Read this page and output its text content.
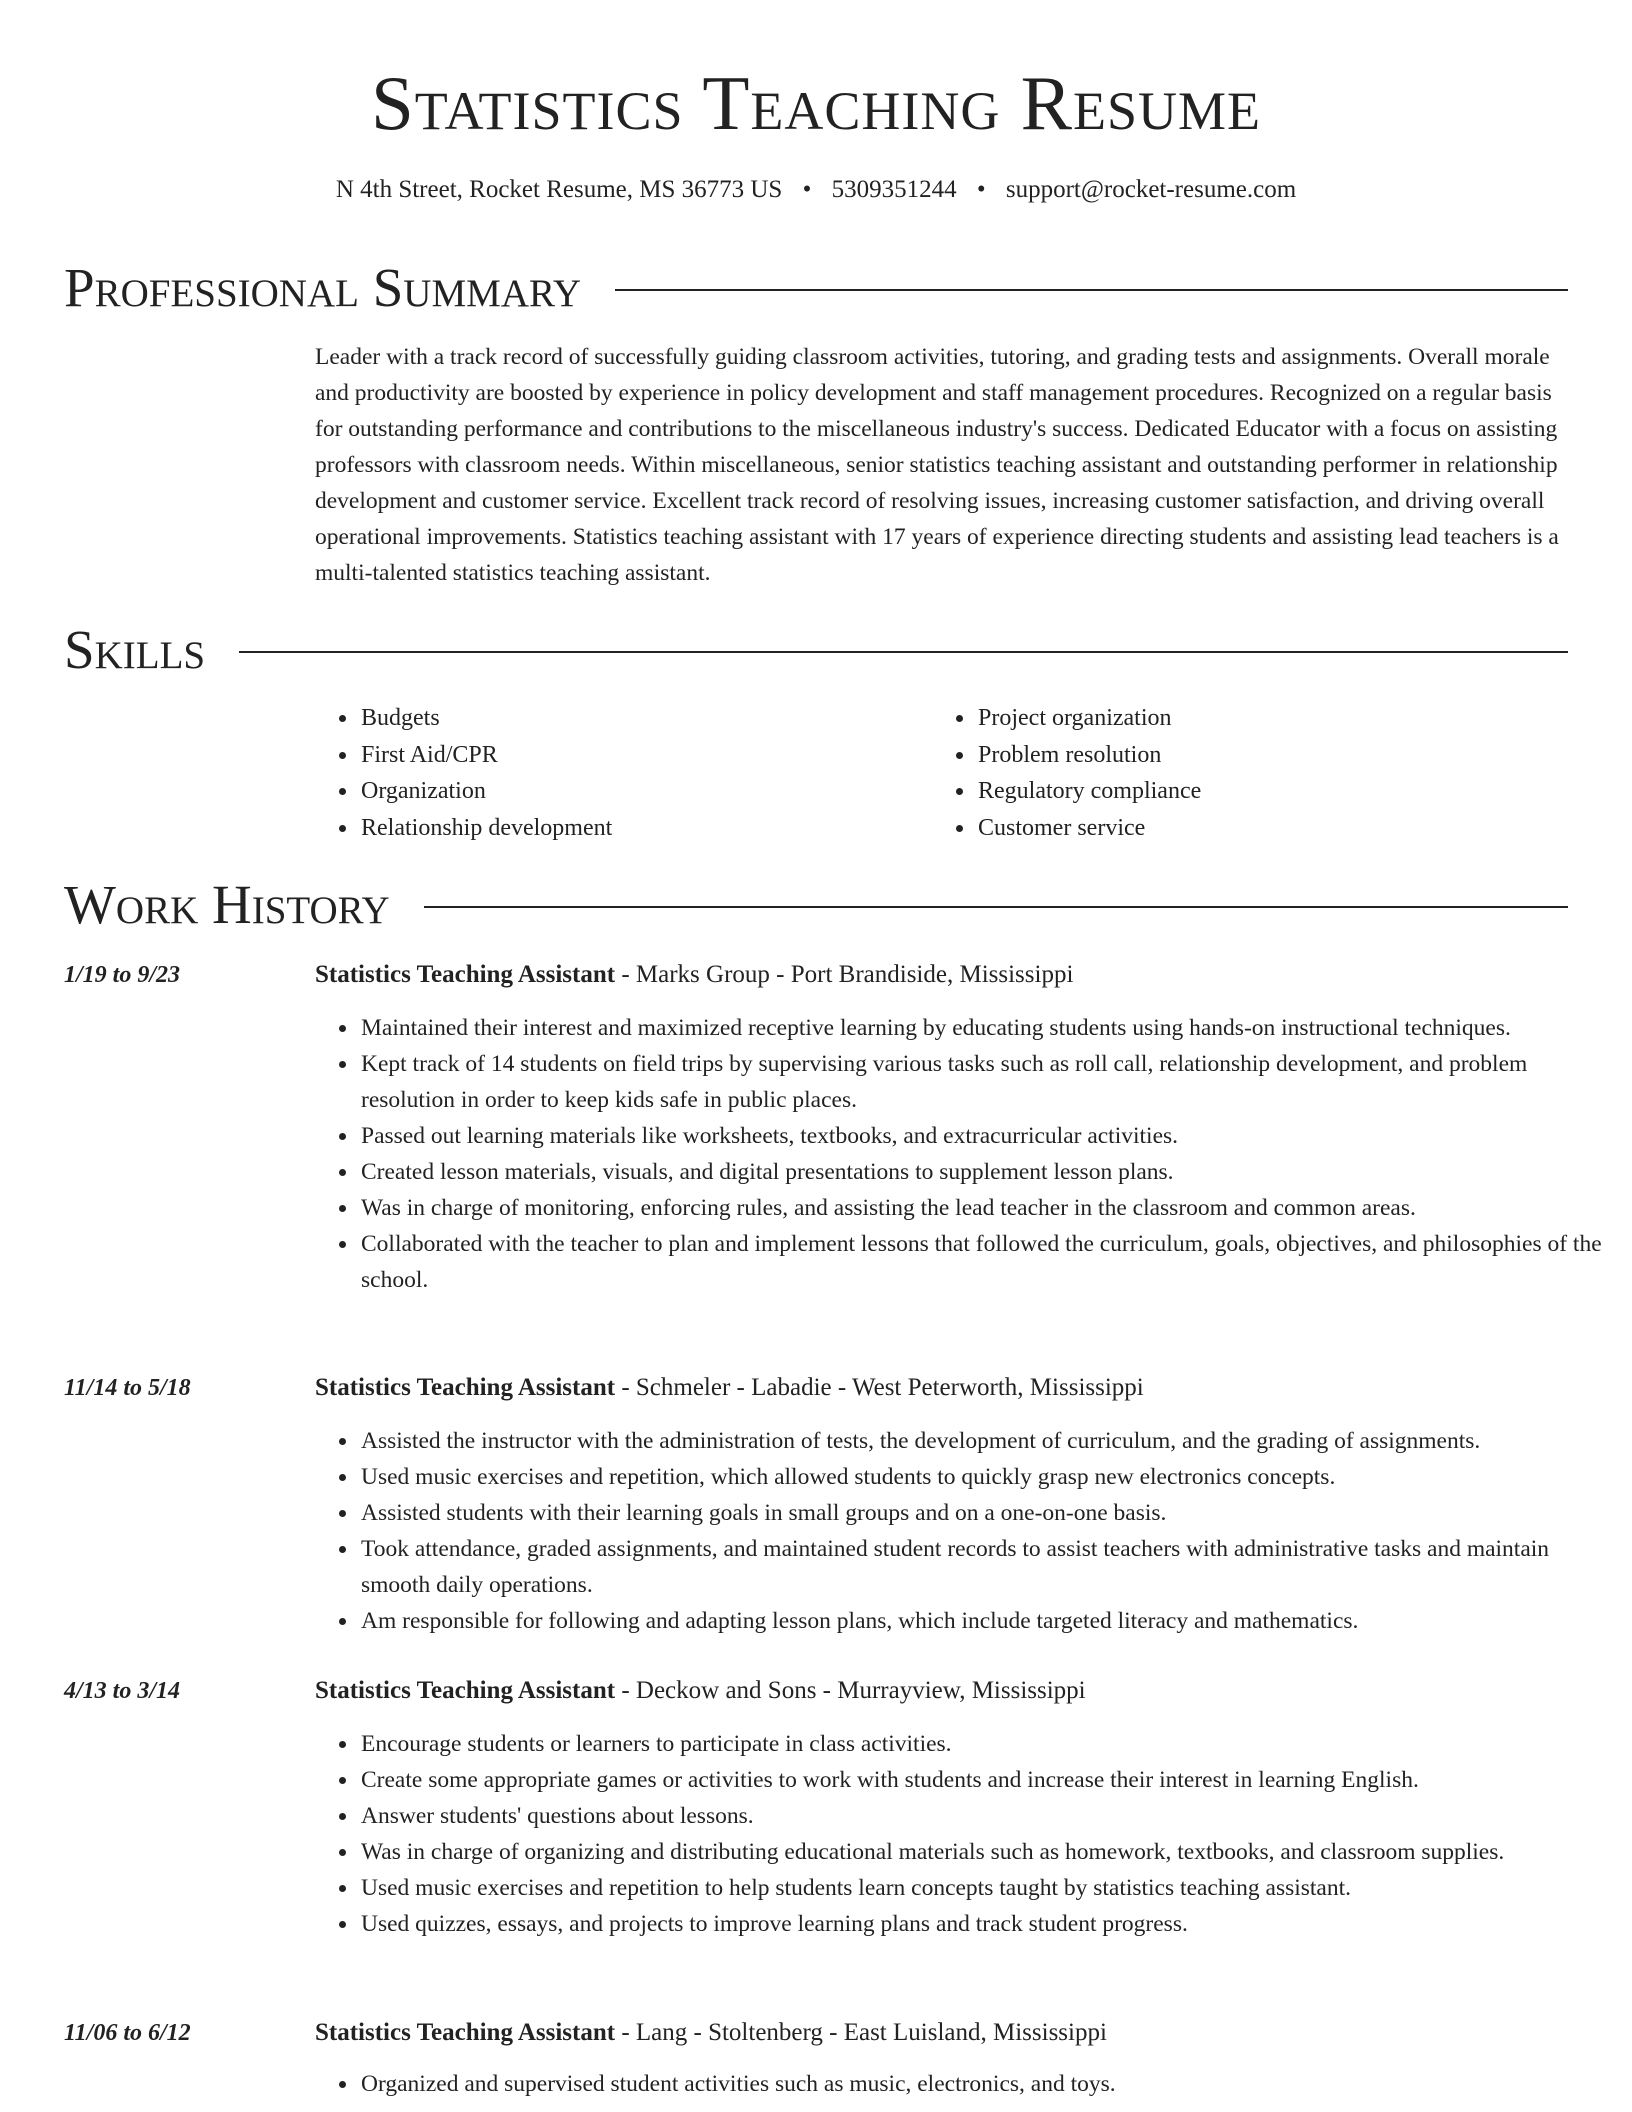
Statistics Teaching Resume
N 4th Street, Rocket Resume, MS 36773 US • 5309351244 • support@rocket-resume.com
Professional Summary

Leader with a track record of successfully guiding classroom activities, tutoring, and grading tests and assignments. Overall morale and productivity are boosted by experience in policy development and staff management procedures. Recognized on a regular basis for outstanding performance and contributions to the miscellaneous industry's success. Dedicated Educator with a focus on assisting professors with classroom needs. Within miscellaneous, senior statistics teaching assistant and outstanding performer in relationship development and customer service. Excellent track record of resolving issues, increasing customer satisfaction, and driving overall operational improvements. Statistics teaching assistant with 17 years of experience directing students and assisting lead teachers is a multi-talented statistics teaching assistant.

Skills
• Budgets
• First Aid/CPR
• Organization
• Relationship development
• Project organization
• Problem resolution
• Regulatory compliance
• Customer service
Work History
1/19 to 9/23	Statistics Teaching Assistant - Marks Group - Port Brandiside, Mississippi
• Maintained their interest and maximized receptive learning by educating students using hands-on instructional techniques.
• Kept track of 14 students on field trips by supervising various tasks such as roll call, relationship development, and problem resolution in order to keep kids safe in public places.
• Passed out learning materials like worksheets, textbooks, and extracurricular activities.
• Created lesson materials, visuals, and digital presentations to supplement lesson plans.
• Was in charge of monitoring, enforcing rules, and assisting the lead teacher in the classroom and common areas.
• Collaborated with the teacher to plan and implement lessons that followed the curriculum, goals, objectives, and philosophies of the school.
11/14 to 5/18	Statistics Teaching Assistant - Schmeler - Labadie - West Peterworth, Mississippi
• Assisted the instructor with the administration of tests, the development of curriculum, and the grading of assignments.
• Used music exercises and repetition, which allowed students to quickly grasp new electronics concepts.
• Assisted students with their learning goals in small groups and on a one-on-one basis.
• Took attendance, graded assignments, and maintained student records to assist teachers with administrative tasks and maintain smooth daily operations.
• Am responsible for following and adapting lesson plans, which include targeted literacy and mathematics.
4/13 to 3/14	Statistics Teaching Assistant - Deckow and Sons - Murrayview, Mississippi
• Encourage students or learners to participate in class activities.
• Create some appropriate games or activities to work with students and increase their interest in learning English.
• Answer students' questions about lessons.
• Was in charge of organizing and distributing educational materials such as homework, textbooks, and classroom supplies.
• Used music exercises and repetition to help students learn concepts taught by statistics teaching assistant.
• Used quizzes, essays, and projects to improve learning plans and track student progress.
11/06 to 6/12	Statistics Teaching Assistant - Lang - Stoltenberg - East Luisland, Mississippi
• Organized and supervised student activities such as music, electronics, and toys.
